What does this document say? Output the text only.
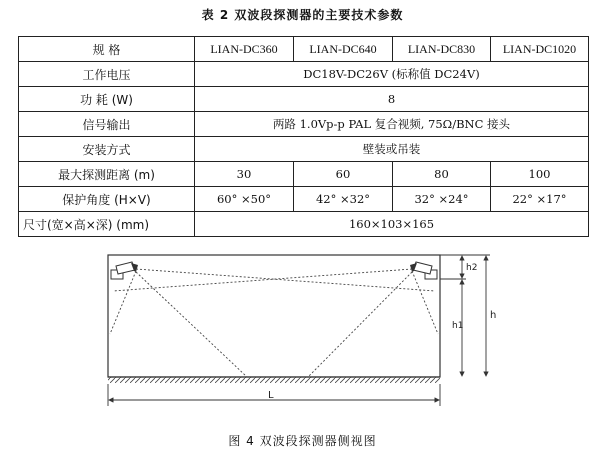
表 2 双波段探测器的主要技术参数
规 格	LIAN-DC360	LIAN-DC640	LIAN-DC830	LIAN-DC1020
工作电压	DC18V-DC26V (标称值 DC24V)			
功 耗 (W)	8			
信号输出	两路 1.0Vp-p PAL 复合视频, 75Ω/BNC 接头			
安装方式	壁装或吊装			
最大探测距离 (m)	30	60	80	100
保护角度 (H×V)	60° ×50°	42° ×32°	32° ×24°	22° ×17°
尺寸(宽×高×深) (mm)	160×103×165			
h2
h1
h
L
图 4 双波段探测器侧视图
